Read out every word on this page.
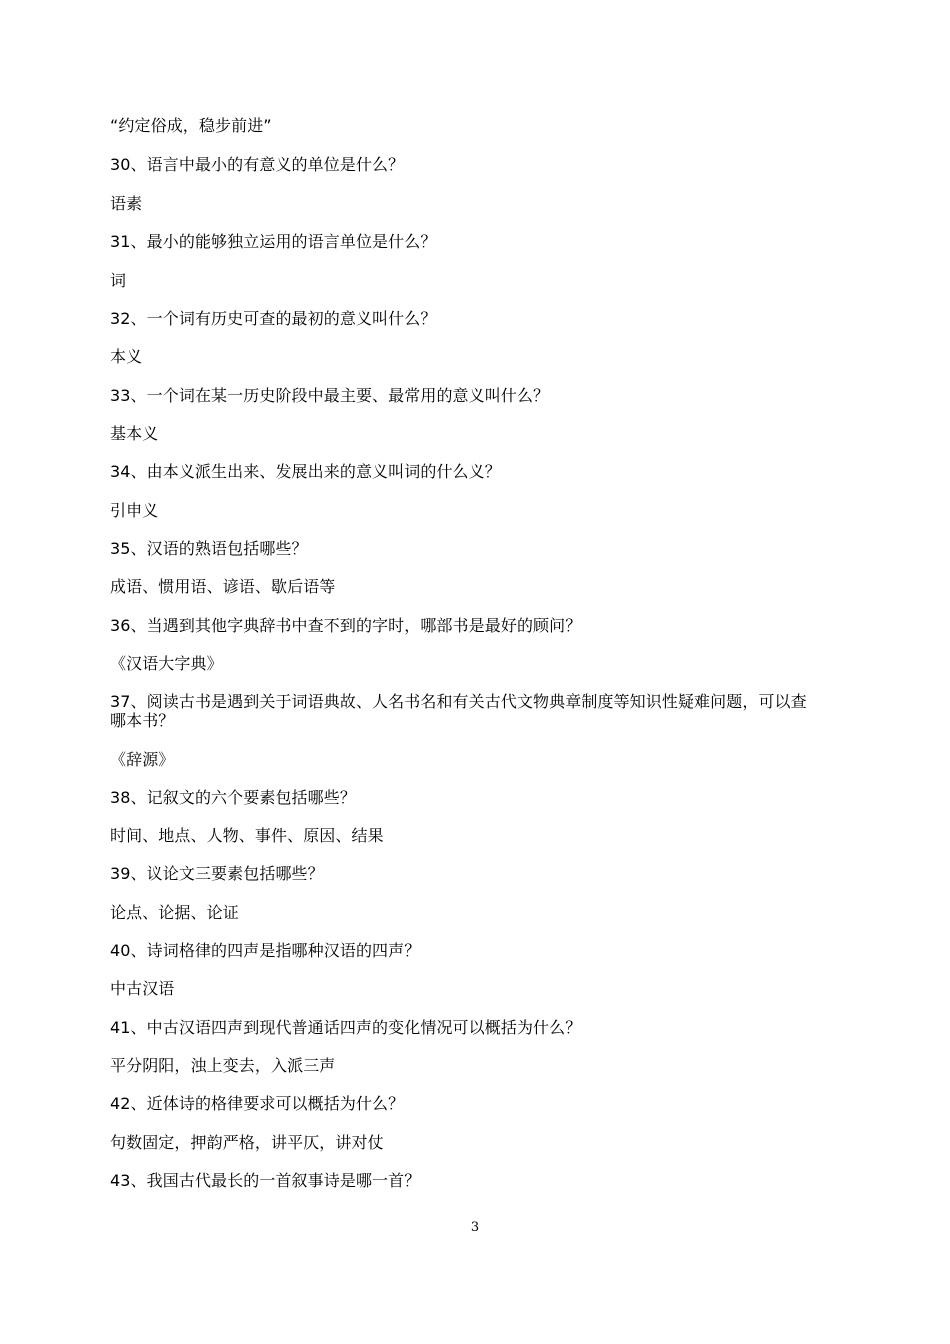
“约定俗成，稳步前进”
30、语言中最小的有意义的单位是什么？
语素
31、最小的能够独立运用的语言单位是什么？
词
32、一个词有历史可查的最初的意义叫什么？
本义
33、一个词在某一历史阶段中最主要、最常用的意义叫什么？
基本义
34、由本义派生出来、发展出来的意义叫词的什么义？
引申义
35、汉语的熟语包括哪些？
成语、惯用语、谚语、歇后语等
36、当遇到其他字典辞书中查不到的字时，哪部书是最好的顾问？
《汉语大字典》
37、阅读古书是遇到关于词语典故、人名书名和有关古代文物典章制度等知识性疑难问题，可以查哪本书？
《辞源》
38、记叙文的六个要素包括哪些？
时间、地点、人物、事件、原因、结果
39、议论文三要素包括哪些？
论点、论据、论证
40、诗词格律的四声是指哪种汉语的四声？
中古汉语
41、中古汉语四声到现代普通话四声的变化情况可以概括为什么？
平分阴阳，浊上变去，入派三声
42、近体诗的格律要求可以概括为什么？
句数固定，押韵严格，讲平仄，讲对仗
43、我国古代最长的一首叙事诗是哪一首？
3
